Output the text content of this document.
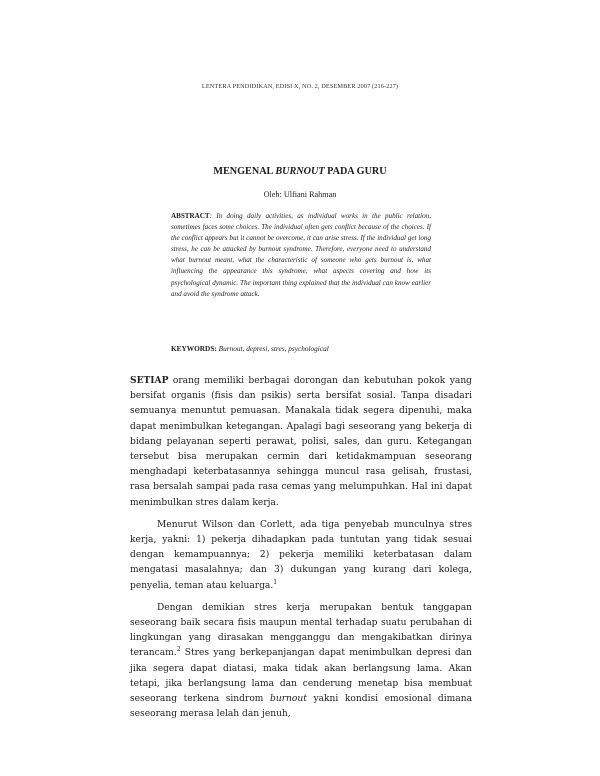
LENTERA PENDIDIKAN, EDISI X, NO. 2, DESEMBER 2007 (216-227)
MENGENAL BURNOUT PADA GURU
Oleh: Ulfiani Rahman
ABSTRACT: In doing daily activities, as individual works in the public relation, sometimes faces some choices. The individual often gets conflict because of the choices. If the conflict appears but it cannot be overcome, it can arise stress. If the individual get long stress, he can be attacked by burnout syndrome. Therefore, everyone need to understand what burnout meant, what the characteristic of someone who gets burnout is, what influencing the appearance this syndrome, what aspects covering and how its psychological dynamic. The important thing explained that the individual can know earlier and avoid the syndrome attack.
KEYWORDS: Burnout, depresi, stres, psychological

SETIAP orang memiliki berbagai dorongan dan kebutuhan pokok yang bersifat organis (fisis dan psikis) serta bersifat sosial. Tanpa disadari semuanya menuntut pemuasan. Manakala tidak segera dipenuhi, maka dapat menimbulkan ketegangan. Apalagi bagi seseorang yang bekerja di bidang pelayanan seperti perawat, polisi, sales, dan guru. Ketegangan tersebut bisa merupakan cermin dari ketidakmampuan seseorang menghadapi keterbatasannya sehingga muncul rasa gelisah, frustasi, rasa bersalah sampai pada rasa cemas yang melumpuhkan. Hal ini dapat menimbulkan stres dalam kerja.

Menurut Wilson dan Corlett, ada tiga penyebab munculnya stres kerja, yakni: 1) pekerja dihadapkan pada tuntutan yang tidak sesuai dengan kemampuannya; 2) pekerja memiliki keterbatasan dalam mengatasi masalahnya; dan 3) dukungan yang kurang dari kolega, penyelia, teman atau keluarga.$^1$

Dengan demikian stres kerja merupakan bentuk tanggapan seseorang baik secara fisis maupun mental terhadap suatu perubahan di lingkungan yang dirasakan mengganggu dan mengakibatkan dirinya terancam.$^2$ Stres yang berkepanjangan dapat menimbulkan depresi dan jika segera dapat diatasi, maka tidak akan berlangsung lama. Akan tetapi, jika berlangsung lama dan cenderung menetap bisa membuat seseorang terkena sindrom burnout yakni kondisi emosional dimana seseorang merasa lelah dan jenuh,
